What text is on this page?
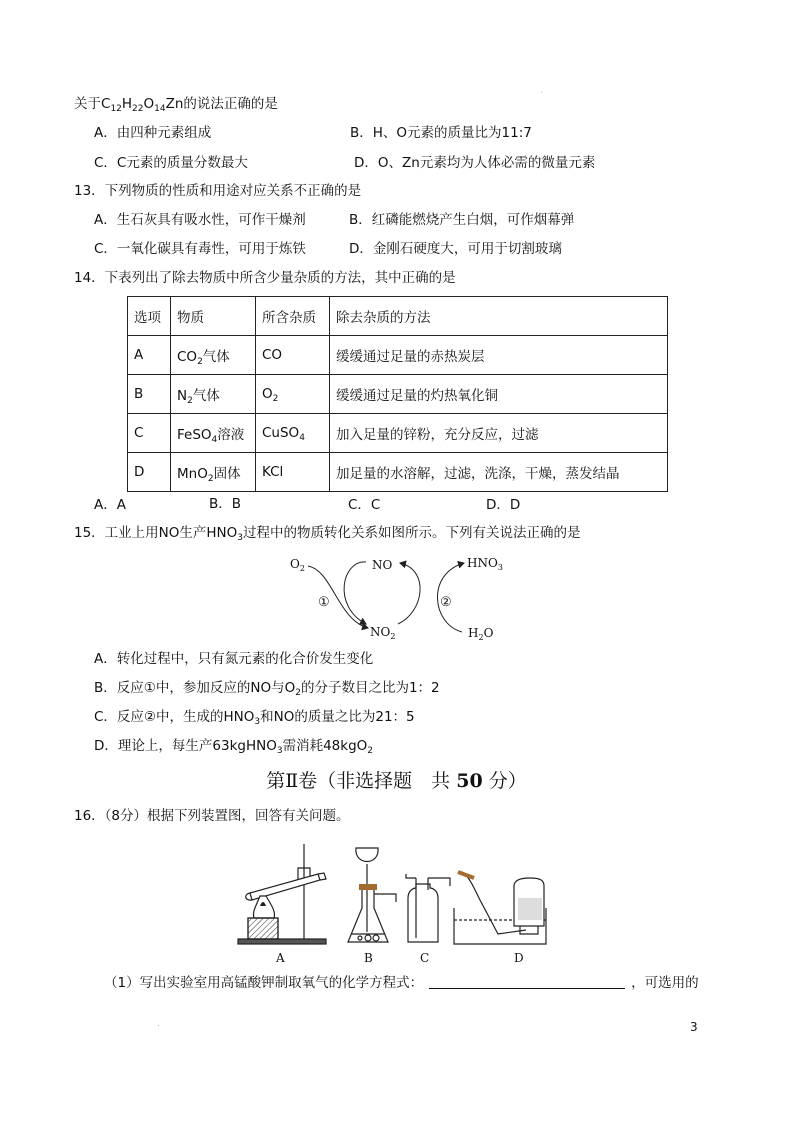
关于$C_{12}H_{22}O_{14}Zn$的说法正确的是
A．由四种元素组成	B．H、O元素的质量比为11:7
C．C元素的质量分数最大	D．O、Zn元素均为人体必需的微量元素
13．下列物质的性质和用途对应关系不正确的是
A．生石灰具有吸水性，可作干燥剂	B．红磷能燃烧产生白烟，可作烟幕弹
C．一氧化碳具有毒性，可用于炼铁	D．金刚石硬度大，可用于切割玻璃
14．下表列出了除去物质中所含少量杂质的方法，其中正确的是
选项	物质	所含杂质	除去杂质的方法
A	$CO_2$气体	CO	缓缓通过足量的赤热炭层
B	$N_2$气体	$O_2$	缓缓通过足量的灼热氧化铜
C	FeSO$_4$溶液	CuSO$_4$	加入足量的锌粉，充分反应，过滤
D	MnO$_2$固体	KCl	加足量的水溶解，过滤，洗涤，干燥，蒸发结晶
A．A	B．B	C．C	D．D
15．工业上用NO生产$HNO_3$过程中的物质转化关系如图所示。下列有关说法正确的是
$O_2$	NO	$HNO_3$
$NO_2$	$H_2O$
①	②
A．转化过程中，只有氮元素的化合价发生变化
B．反应①中，参加反应的NO与$O_2$的分子数目之比为1：2
C．反应②中，生成的$HNO_3$和NO的质量之比为21：5
D．理论上，每生产63kgHNO$_3$需消耗48kgO$_2$
第Ⅱ卷（非选择题　共 50 分）
16．（8分）根据下列装置图，回答有关问题。
A	B	C	D
（1）写出实验室用高锰酸钾制取氧气的化学方程式：	，可选用的
·
·	3
